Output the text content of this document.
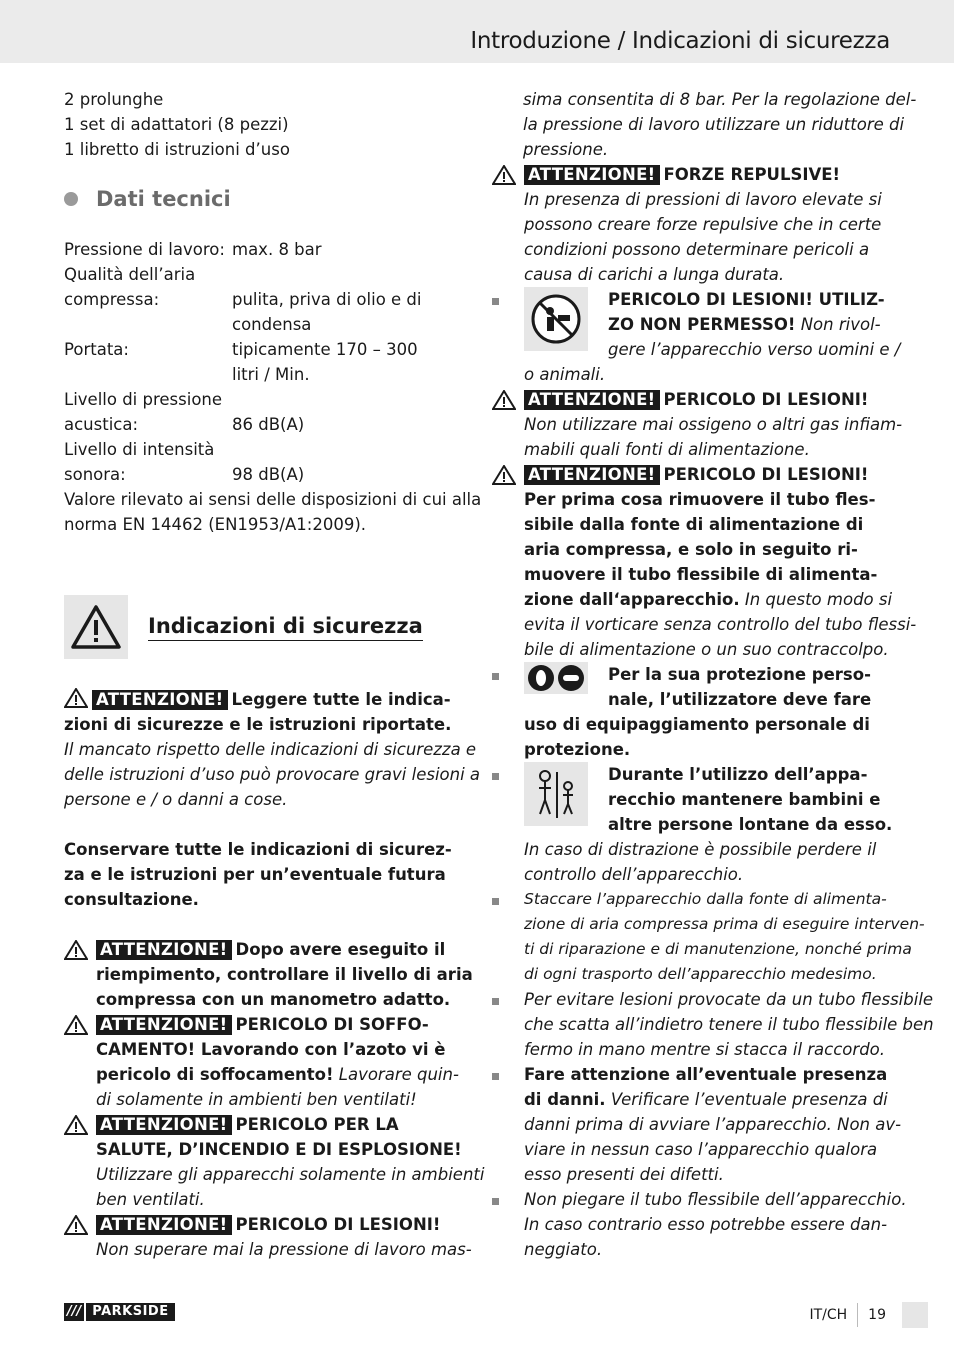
Introduzione / Indicazioni di sicurezza
2 prolunghe
1 set di adattatori (8 pezzi)
1 libretto di istruzioni d’uso
Dati tecnici
Pressione di lavoro:	max. 8 bar
Qualità dell’aria	
compressa:	pulita, priva di olio e di
	condensa
Portata:	tipicamente 170 – 300
	litri / Min.
Livello di pressione	
acustica:	86 dB(A)
Livello di intensità	
sonora:	98 dB(A)
Valore rilevato ai sensi delle disposizioni di cui alla
norma EN 14462 (EN1953/A1:2009).
Indicazioni di sicurezza
ATTENZIONE! Leggere tutte le indica-
zioni di sicurezze e le istruzioni riportate.
Il mancato rispetto delle indicazioni di sicurezza e
delle istruzioni d’uso può provocare gravi lesioni a
persone e / o danni a cose.
Conservare tutte le indicazioni di sicurez-
za e le istruzioni per un’eventuale futura
consultazione.
ATTENZIONE! Dopo avere eseguito il
riempimento, controllare il livello di aria
compressa con un manometro adatto.
ATTENZIONE! PERICOLO DI SOFFO-
CAMENTO! Lavorando con l’azoto vi è
pericolo di soffocamento! Lavorare quin-
di solamente in ambienti ben ventilati!
ATTENZIONE! PERICOLO PER LA
SALUTE, D’INCENDIO E DI ESPLOSIONE!
Utilizzare gli apparecchi solamente in ambienti
ben ventilati.
ATTENZIONE! PERICOLO DI LESIONI!
Non superare mai la pressione di lavoro mas-
sima consentita di 8 bar. Per la regolazione del-
la pressione di lavoro utilizzare un riduttore di
pressione.
ATTENZIONE! FORZE REPULSIVE!
In presenza di pressioni di lavoro elevate si
possono creare forze repulsive che in certe
condizioni possono determinare pericoli a
causa di carichi a lunga durata.
PERICOLO DI LESIONI! UTILIZ-
ZO NON PERMESSO! Non rivol-
gere l’apparecchio verso uomini e /
o animali.
ATTENZIONE! PERICOLO DI LESIONI!
Non utilizzare mai ossigeno o altri gas infiam-
mabili quali fonti di alimentazione.
ATTENZIONE! PERICOLO DI LESIONI!
Per prima cosa rimuovere il tubo fles-
sibile dalla fonte di alimentazione di
aria compressa, e solo in seguito ri-
muovere il tubo flessibile di alimenta-
zione dall‘apparecchio. In questo modo si
evita il vorticare senza controllo del tubo flessi-
bile di alimentazione o un suo contraccolpo.
Per la sua protezione perso-
nale, l’utilizzatore deve fare
uso di equipaggiamento personale di
protezione.
Durante l’utilizzo dell’appa-
recchio mantenere bambini e
altre persone lontane da esso.
In caso di distrazione è possibile perdere il
controllo dell’apparecchio.
Staccare l’apparecchio dalla fonte di alimenta-
zione di aria compressa prima di eseguire interven-
ti di riparazione e di manutenzione, nonché prima
di ogni trasporto dell’apparecchio medesimo.
Per evitare lesioni provocate da un tubo flessibile
che scatta all’indietro tenere il tubo flessibile ben
fermo in mano mentre si stacca il raccordo.
Fare attenzione all’eventuale presenza
di danni. Verificare l’eventuale presenza di
danni prima di avviare l’apparecchio. Non av-
viare in nessun caso l’apparecchio qualora
esso presenti dei difetti.
Non piegare il tubo flessibile dell’apparecchio.
In caso contrario esso potrebbe essere dan-
neggiato.
/// PARKSIDE	IT/CH 19
